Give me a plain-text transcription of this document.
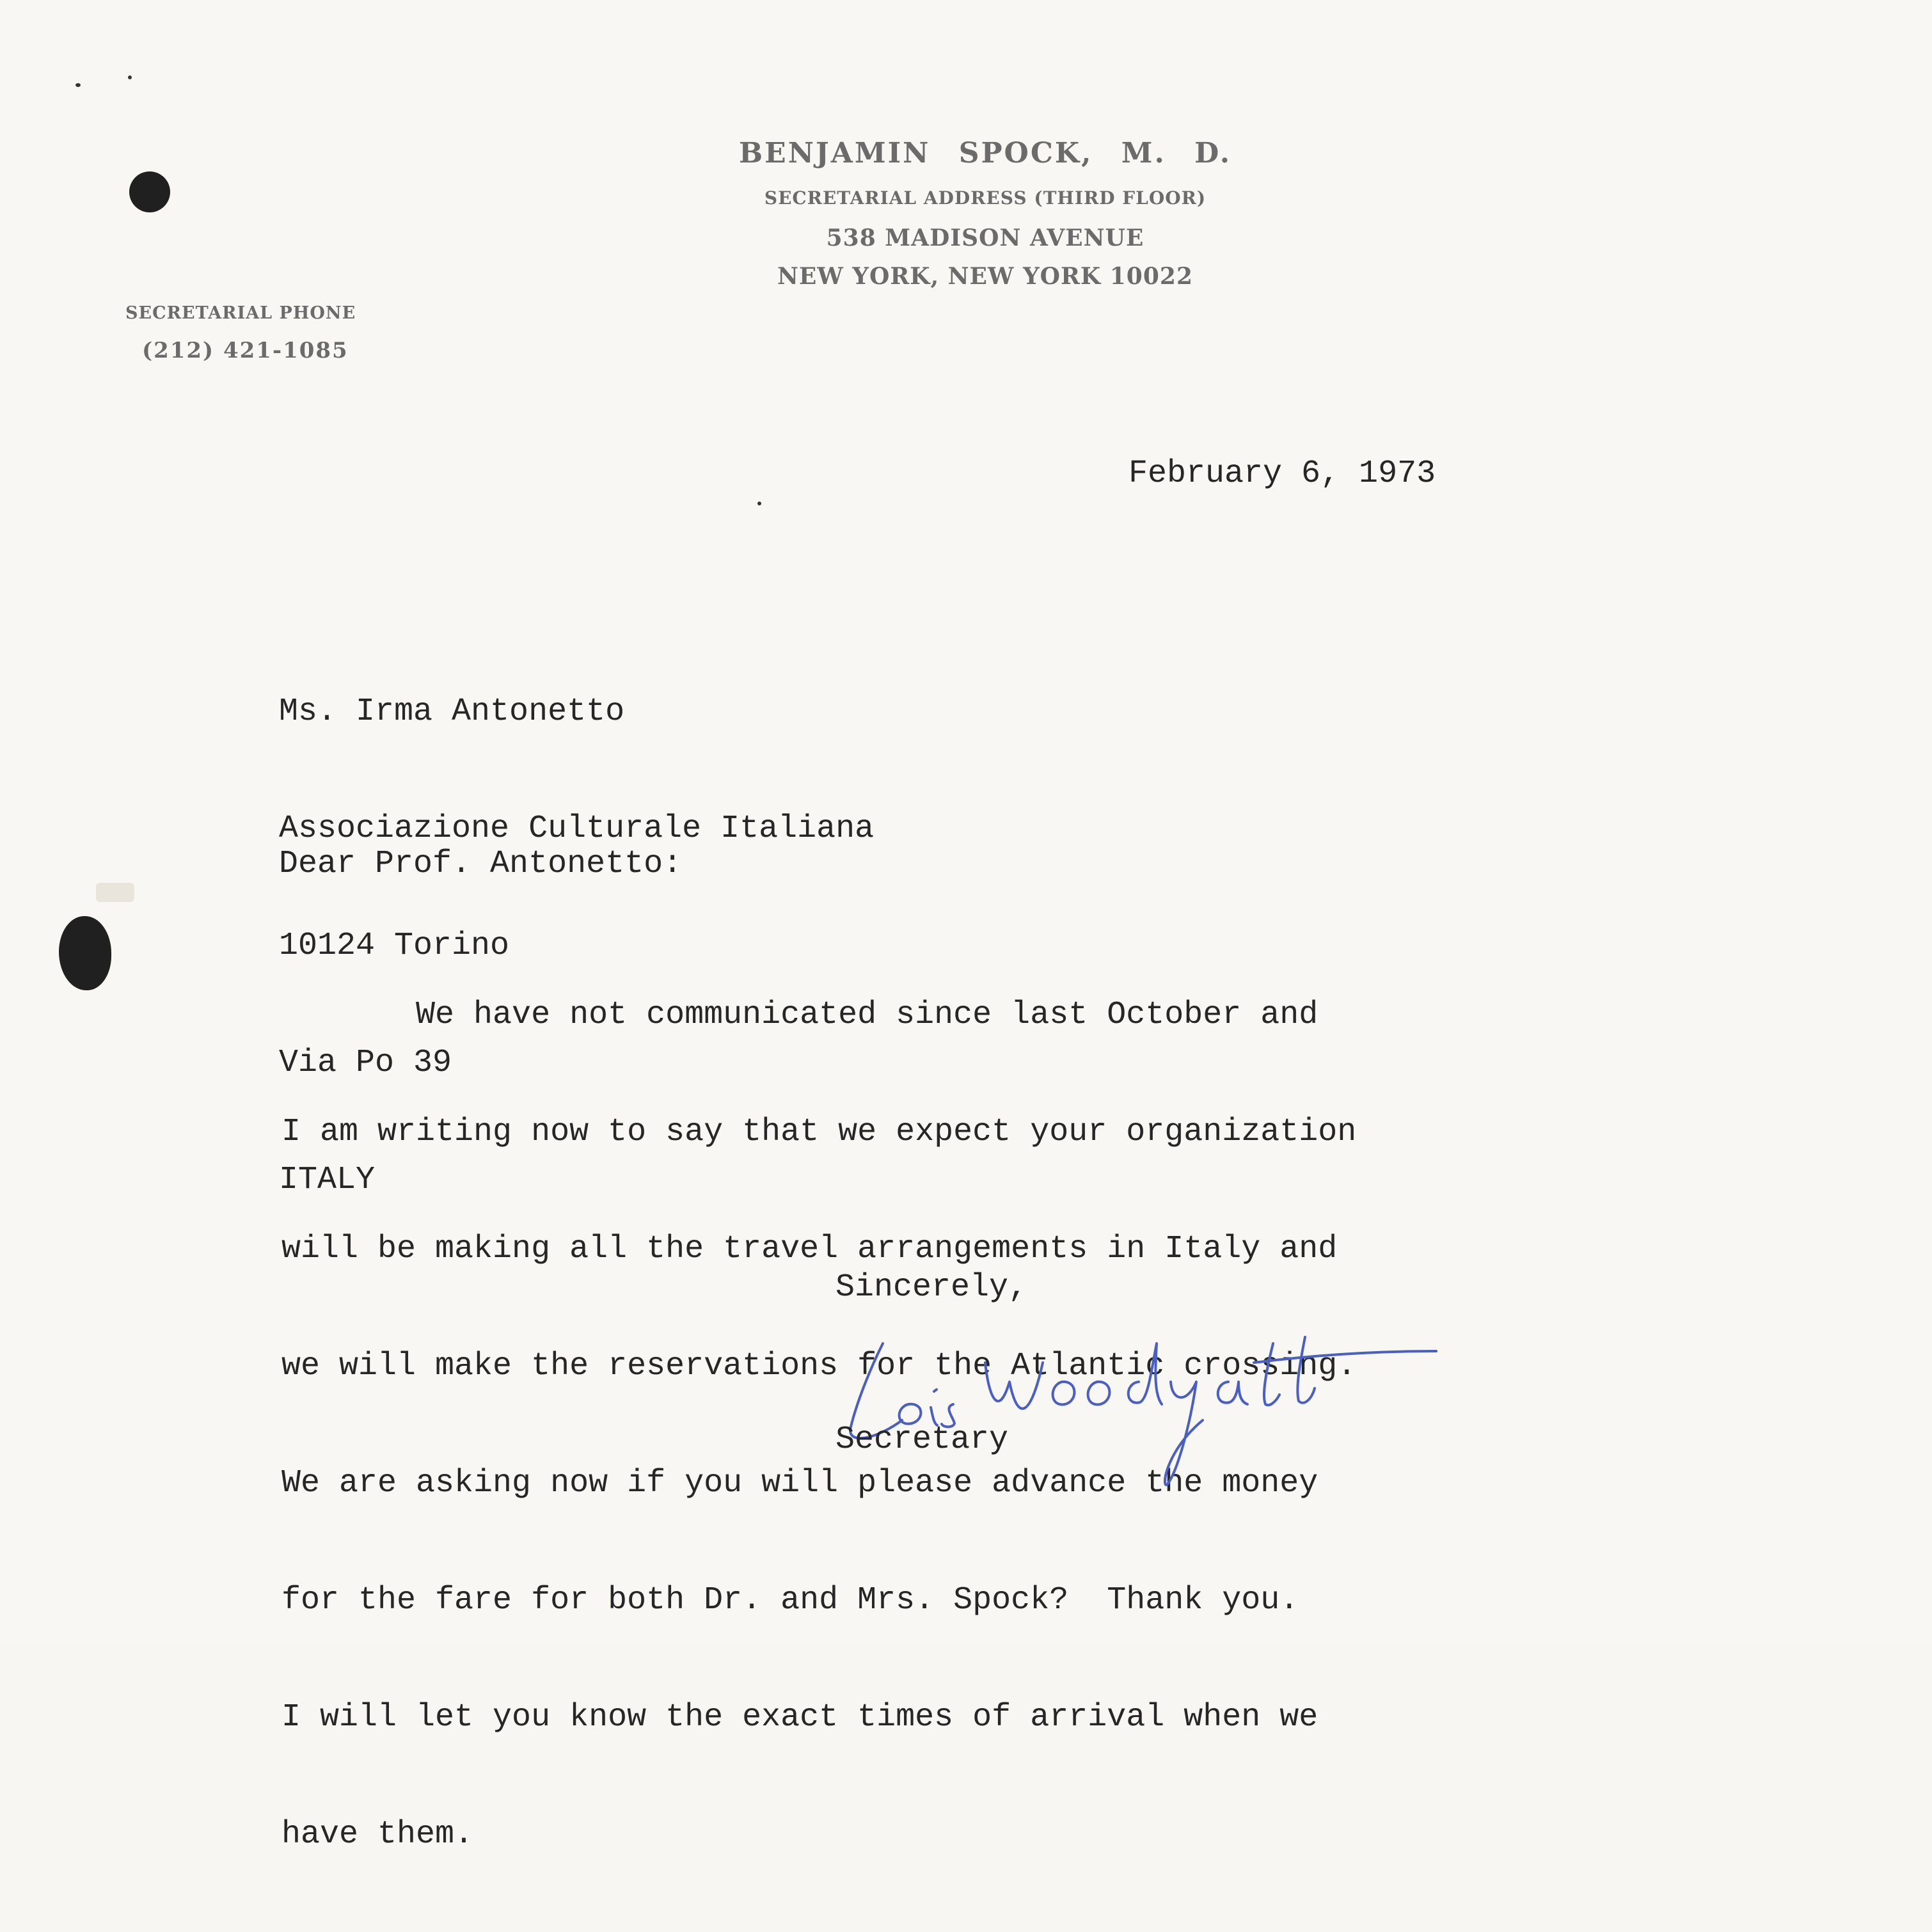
BENJAMIN SPOCK, M. D.
SECRETARIAL ADDRESS (THIRD FLOOR)
538 MADISON AVENUE
NEW YORK, NEW YORK 10022
SECRETARIAL PHONE
(212) 421-1085
February 6, 1973

Ms. Irma Antonetto

Associazione Culturale Italiana

10124 Torino

Via Po 39

ITALY

Dear Prof. Antonetto:

We have not communicated since last October and

I am writing now to say that we expect your organization

will be making all the travel arrangements in Italy and

we will make the reservations for the Atlantic crossing.

We are asking now if you will please advance the money

for the fare for both Dr. and Mrs. Spock?  Thank you.

I will let you know the exact times of arrival when we

have them.

Sincerely,
Secretary
